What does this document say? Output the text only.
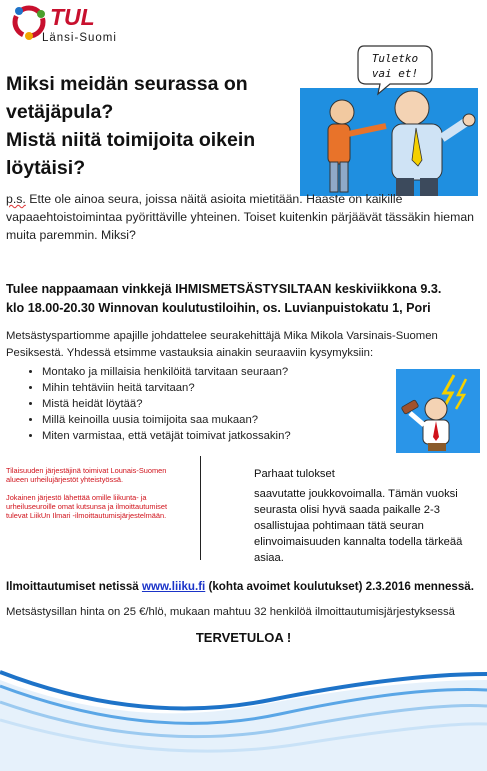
TUL
Länsi-Suomi
Miksi meidän seurassa on
vetäjäpula?
Mistä niitä toimijoita oikein
löytäisi?
Tuletko
vai et!
p.s. Ette ole ainoa seura, joissa näitä asioita mietitään. Haaste on kaikille vapaaehtoistoimintaa pyörittäville yhteinen. Toiset kuitenkin pärjäävät tässäkin hieman muita paremmin. Miksi?
Tulee nappaamaan vinkkejä IHMISMETSÄSTYSILTAAN keskiviikkona 9.3.
klo 18.00-20.30 Winnovan koulutustiloihin, os. Luvianpuistokatu 1, Pori
Metsästyspartiomme apajille johdattelee seurakehittäjä Mika Mikola Varsinais-Suomen Pesiksestä. Yhdessä etsimme vastauksia ainakin seuraaviin kysymyksiin:
• Montako ja millaisia henkilöitä tarvitaan seuraan?
• Mihin tehtäviin heitä tarvitaan?
• Mistä heidät löytää?
• Millä keinoilla uusia toimijoita saa mukaan?
• Miten varmistaa, että vetäjät toimivat jatkossakin?

Tilaisuuden järjestäjinä toimivat Lounais-Suomen alueen urheilujärjestöt yhteistyössä.

Jokainen järjestö lähettää omille liikunta- ja urheiluseuroille omat kutsunsa ja ilmoittautumiset tulevat LiikUn Ilmari -ilmoittautumisjärjestelmään.

Parhaat tulokset
saavutatte joukkovoimalla. Tämän vuoksi seurasta olisi hyvä saada paikalle 2-3 osallistujaa pohtimaan tätä seuran elinvoimaisuuden kannalta todella tärkeää asiaa.
Ilmoittautumiset netissä www.liiku.fi (kohta avoimet koulutukset) 2.3.2016 mennessä.
Metsästysillan hinta on 25 €/hlö, mukaan mahtuu 32 henkilöä ilmoittautumisjärjestyksessä
TERVETULOA !
